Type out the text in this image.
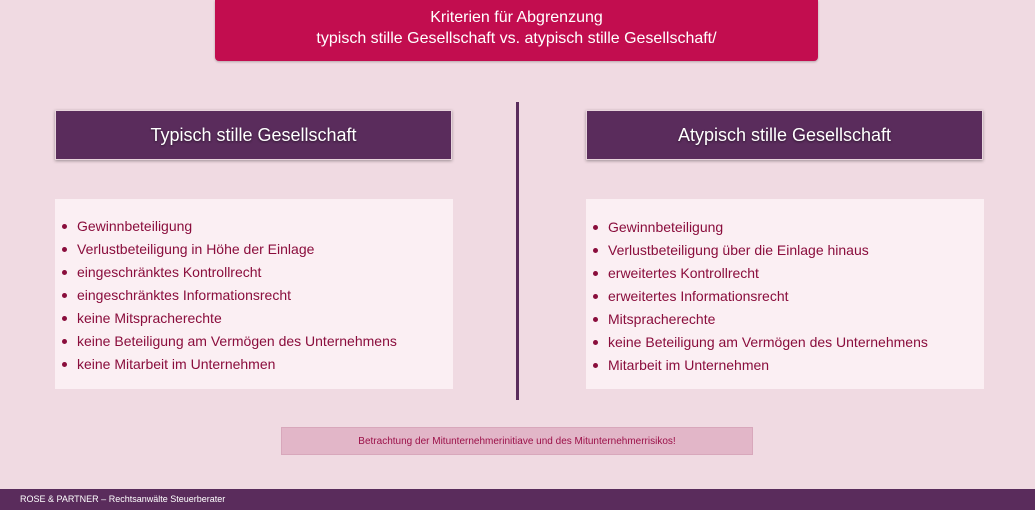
Kriterien für Abgrenzung
typisch stille Gesellschaft vs. atypisch stille Gesellschaft/
Typisch stille Gesellschaft	Atypisch stille Gesellschaft
Gewinnbeteiligung
Verlustbeteiligung in Höhe der Einlage
eingeschränktes Kontrollrecht
eingeschränktes Informationsrecht
keine Mitspracherechte
keine Beteiligung am Vermögen des Unternehmens
keine Mitarbeit im Unternehmen
Gewinnbeteiligung
Verlustbeteiligung über die Einlage hinaus
erweitertes Kontrollrecht
erweitertes Informationsrecht
Mitspracherechte
keine Beteiligung am Vermögen des Unternehmens
Mitarbeit im Unternehmen
Betrachtung der Mitunternehmerinitiave und des Mitunternehmerrisikos!
ROSE & PARTNER – Rechtsanwälte Steuerberater
